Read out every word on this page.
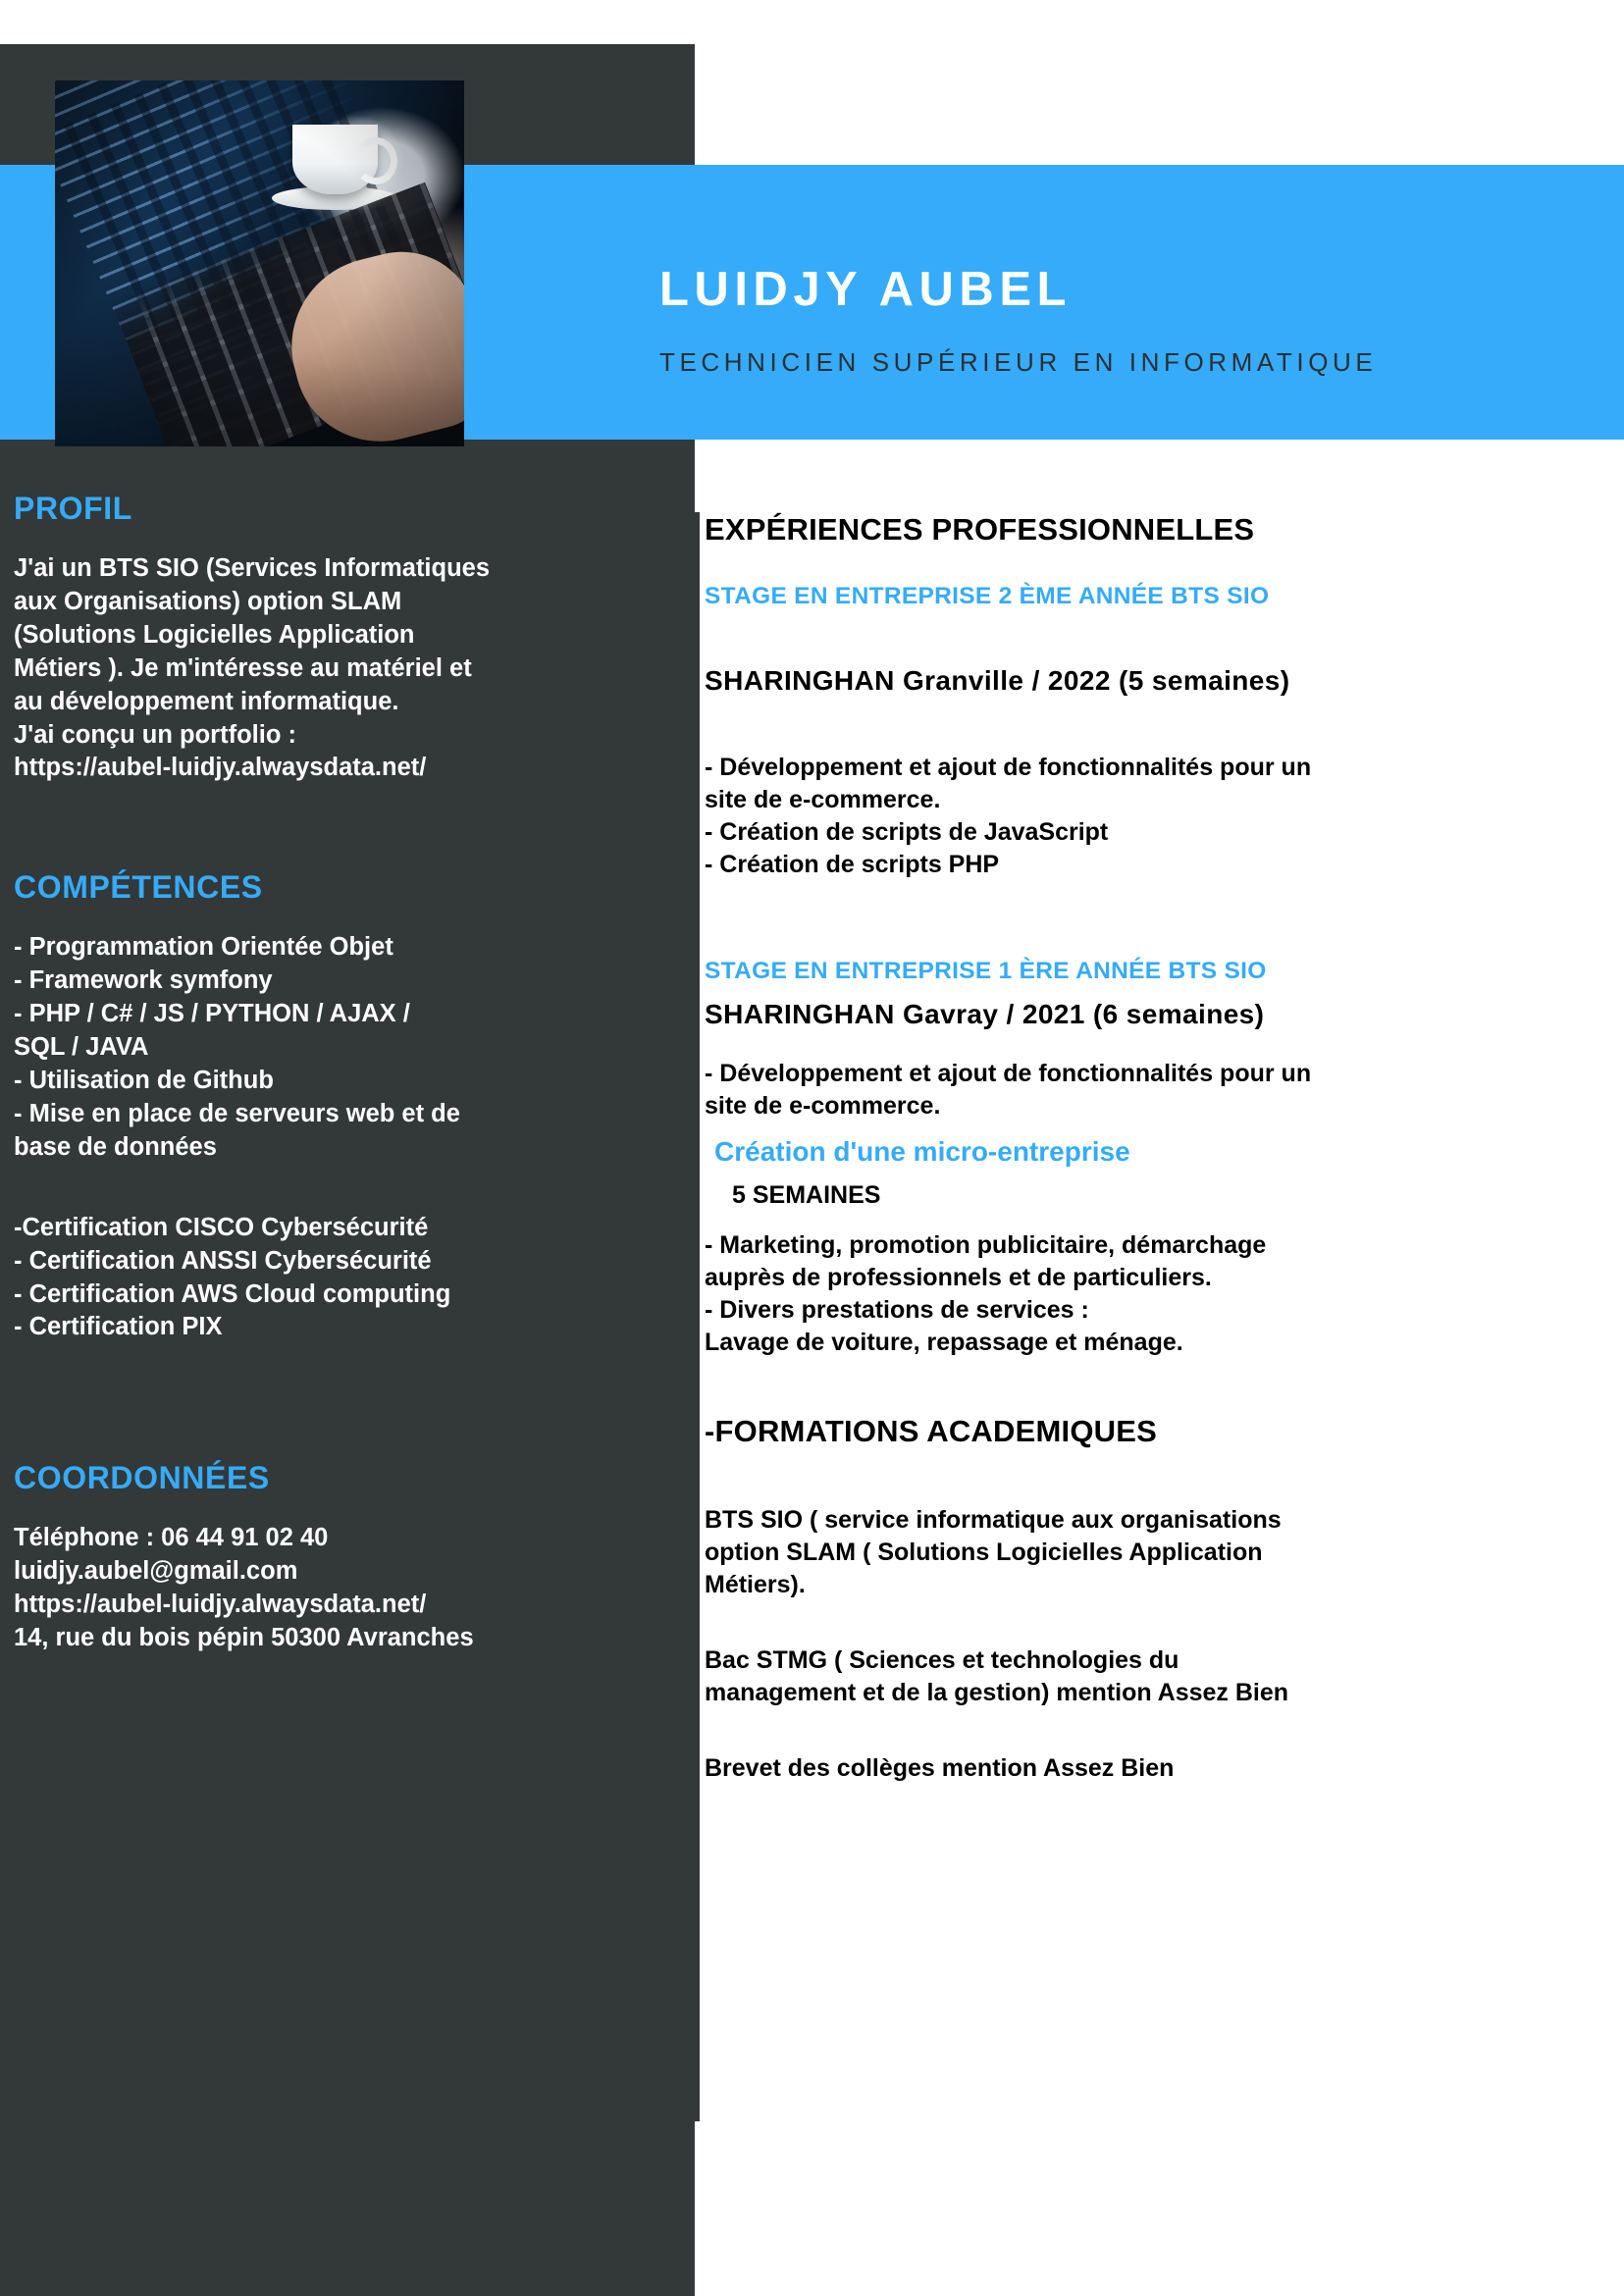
LUIDJY AUBEL
TECHNICIEN SUPÉRIEUR EN INFORMATIQUE
PROFIL

J'ai un BTS SIO (Services Informatiques

aux Organisations) option SLAM

(Solutions Logicielles Application

Métiers ). Je m'intéresse au matériel et

au développement informatique.

J'ai conçu un portfolio :

https://aubel-luidjy.alwaysdata.net/

COMPÉTENCES
- Programmation Orientée Objet
- Framework symfony
- PHP / C# / JS / PYTHON / AJAX /
SQL / JAVA
- Utilisation de Github
- Mise en place de serveurs web et de
base de données
-Certification CISCO Cybersécurité
- Certification ANSSI Cybersécurité
- Certification AWS Cloud computing
- Certification PIX
COORDONNÉES
Téléphone : 06 44 91 02 40
luidjy.aubel@gmail.com
https://aubel-luidjy.alwaysdata.net/
14, rue du bois pépin 50300 Avranches
EXPÉRIENCES PROFESSIONNELLES
STAGE EN ENTREPRISE 2 ÈME ANNÉE BTS SIO
SHARINGHAN Granville / 2022 (5 semaines)
- Développement et ajout de fonctionnalités pour un
site de e-commerce.
- Création de scripts de JavaScript
- Création de scripts PHP
STAGE EN ENTREPRISE 1 ÈRE ANNÉE BTS SIO
SHARINGHAN Gavray / 2021 (6 semaines)
- Développement et ajout de fonctionnalités pour un
site de e-commerce.
Création d'une micro-entreprise
5 SEMAINES
- Marketing, promotion publicitaire, démarchage
auprès de professionnels et de particuliers.
- Divers prestations de services :
Lavage de voiture, repassage et ménage.
-FORMATIONS ACADEMIQUES
BTS SIO ( service informatique aux organisations
option SLAM ( Solutions Logicielles Application
Métiers).
Bac STMG ( Sciences et technologies du
management et de la gestion) mention Assez Bien
Brevet des collèges mention Assez Bien
